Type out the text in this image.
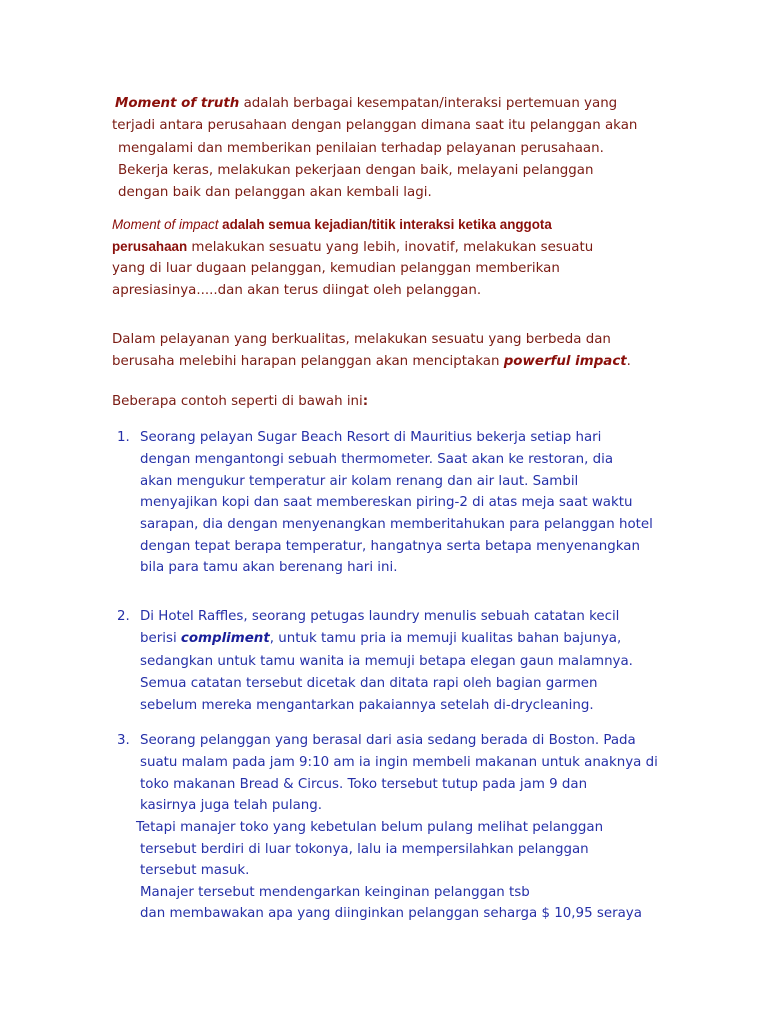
Moment of truth adalah berbagai kesempatan/interaksi pertemuan yang
terjadi antara perusahaan dengan pelanggan dimana saat itu pelanggan akan
mengalami dan memberikan penilaian terhadap pelayanan perusahaan.
Bekerja keras, melakukan pekerjaan dengan baik, melayani pelanggan
dengan baik dan pelanggan akan kembali lagi.
Moment of impact adalah semua kejadian/titik interaksi ketika anggota
perusahaan melakukan sesuatu yang lebih, inovatif, melakukan sesuatu
yang di luar dugaan pelanggan, kemudian pelanggan memberikan
apresiasinya.....dan akan terus diingat oleh pelanggan.
Dalam pelayanan yang berkualitas, melakukan sesuatu yang berbeda dan
berusaha melebihi harapan pelanggan akan menciptakan powerful impact.
Beberapa contoh seperti di bawah ini:
1. Seorang pelayan Sugar Beach Resort di Mauritius bekerja setiap hari
dengan mengantongi sebuah thermometer. Saat akan ke restoran, dia
akan mengukur temperatur air kolam renang dan air laut. Sambil
menyajikan kopi dan saat membereskan piring-2 di atas meja saat waktu
sarapan, dia dengan menyenangkan memberitahukan para pelanggan hotel
dengan tepat berapa temperatur, hangatnya serta betapa menyenangkan
bila para tamu akan berenang hari ini.
2. Di Hotel Raffles, seorang petugas laundry menulis sebuah catatan kecil
berisi compliment, untuk tamu pria ia memuji kualitas bahan bajunya,
sedangkan untuk tamu wanita ia memuji betapa elegan gaun malamnya.
Semua catatan tersebut dicetak dan ditata rapi oleh bagian garmen
sebelum mereka mengantarkan pakaiannya setelah di-drycleaning.
3. Seorang pelanggan yang berasal dari asia sedang berada di Boston. Pada
suatu malam pada jam 9:10 am ia ingin membeli makanan untuk anaknya di
toko makanan Bread & Circus. Toko tersebut tutup pada jam 9 dan
kasirnya juga telah pulang.
Tetapi manajer toko yang kebetulan belum pulang melihat pelanggan
tersebut berdiri di luar tokonya, lalu ia mempersilahkan pelanggan
tersebut masuk.
Manajer tersebut mendengarkan keinginan pelanggan tsb
dan membawakan apa yang diinginkan pelanggan seharga $ 10,95 seraya
